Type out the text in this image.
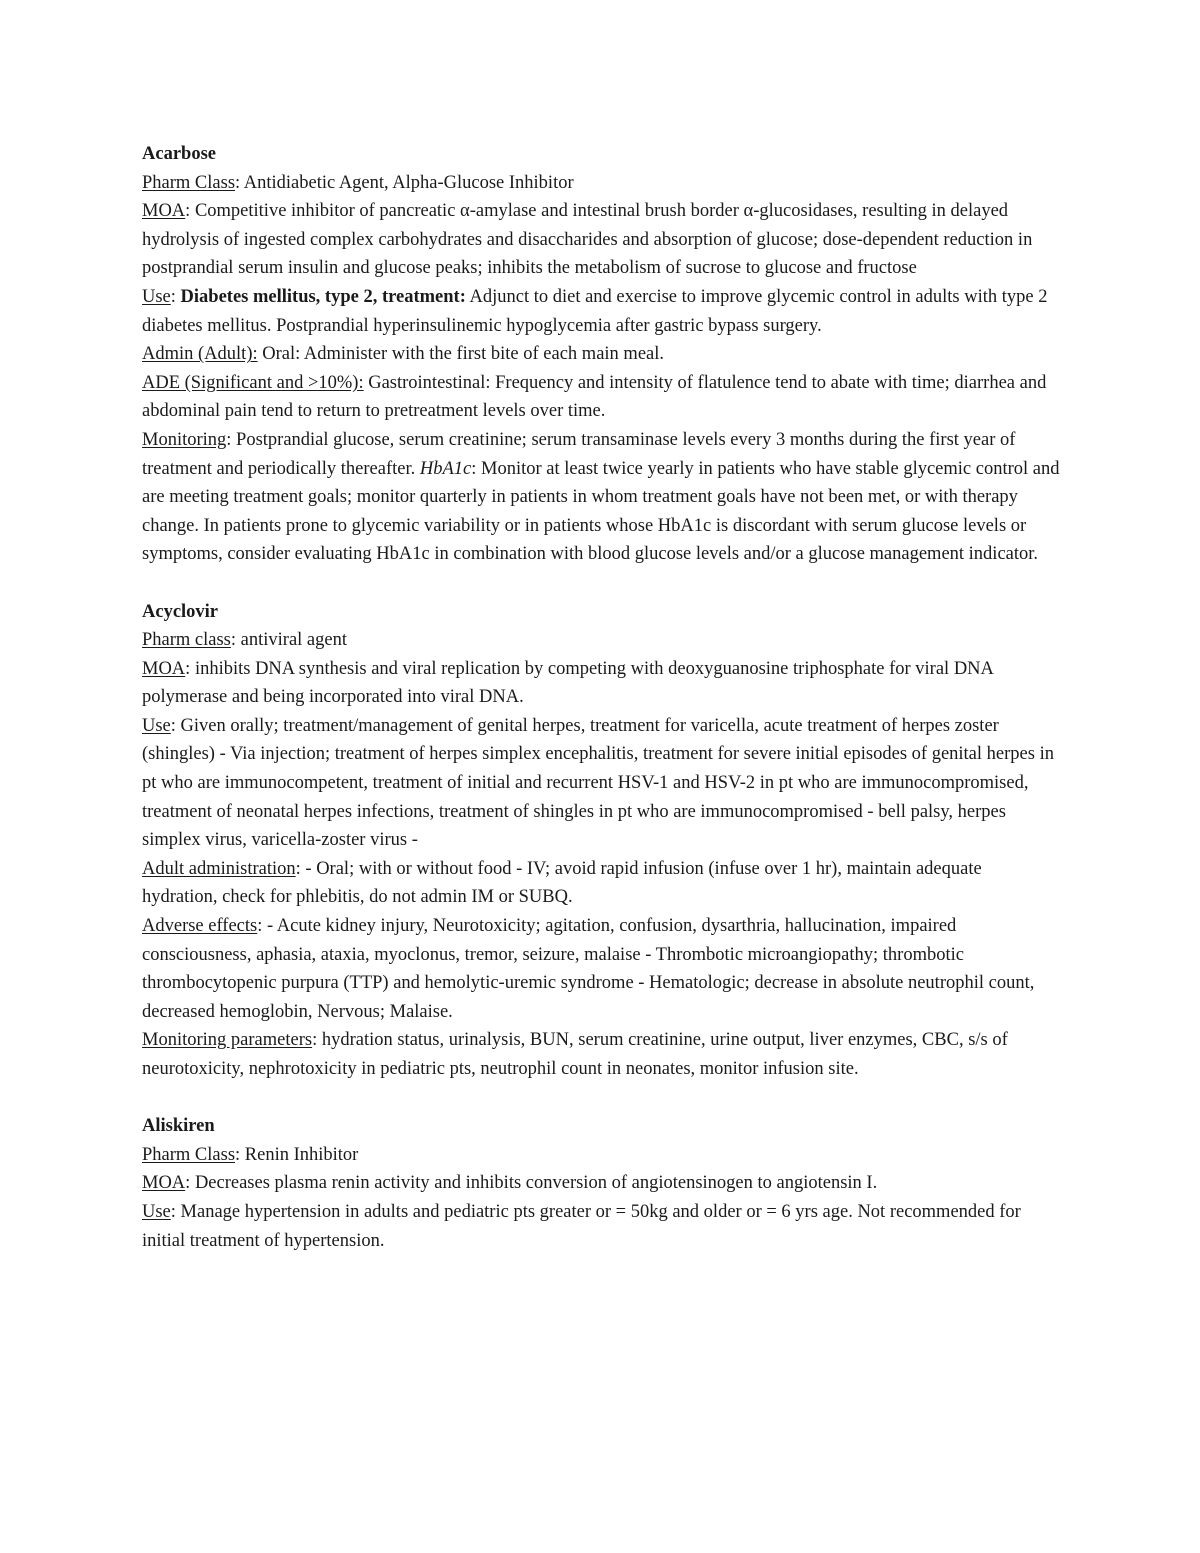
Acarbose

Pharm Class: Antidiabetic Agent, Alpha-Glucose Inhibitor

MOA: Competitive inhibitor of pancreatic α-amylase and intestinal brush border α-glucosidases, resulting in delayed hydrolysis of ingested complex carbohydrates and disaccharides and absorption of glucose; dose-dependent reduction in postprandial serum insulin and glucose peaks; inhibits the metabolism of sucrose to glucose and fructose

Use: Diabetes mellitus, type 2, treatment: Adjunct to diet and exercise to improve glycemic control in adults with type 2 diabetes mellitus. Postprandial hyperinsulinemic hypoglycemia after gastric bypass surgery.

Admin (Adult): Oral: Administer with the first bite of each main meal.

ADE (Significant and >10%): Gastrointestinal: Frequency and intensity of flatulence tend to abate with time; diarrhea and abdominal pain tend to return to pretreatment levels over time.

Monitoring: Postprandial glucose, serum creatinine; serum transaminase levels every 3 months during the first year of treatment and periodically thereafter. HbA1c: Monitor at least twice yearly in patients who have stable glycemic control and are meeting treatment goals; monitor quarterly in patients in whom treatment goals have not been met, or with therapy change. In patients prone to glycemic variability or in patients whose HbA1c is discordant with serum glucose levels or symptoms, consider evaluating HbA1c in combination with blood glucose levels and/or a glucose management indicator.

Acyclovir

Pharm class: antiviral agent

MOA: inhibits DNA synthesis and viral replication by competing with deoxyguanosine triphosphate for viral DNA polymerase and being incorporated into viral DNA.

Use: Given orally; treatment/management of genital herpes, treatment for varicella, acute treatment of herpes zoster (shingles) - Via injection; treatment of herpes simplex encephalitis, treatment for severe initial episodes of genital herpes in pt who are immunocompetent, treatment of initial and recurrent HSV-1 and HSV-2 in pt who are immunocompromised, treatment of neonatal herpes infections, treatment of shingles in pt who are immunocompromised - bell palsy, herpes simplex virus, varicella-zoster virus -

Adult administration: - Oral; with or without food - IV; avoid rapid infusion (infuse over 1 hr), maintain adequate hydration, check for phlebitis, do not admin IM or SUBQ.

Adverse effects: - Acute kidney injury, Neurotoxicity; agitation, confusion, dysarthria, hallucination, impaired consciousness, aphasia, ataxia, myoclonus, tremor, seizure, malaise - Thrombotic microangiopathy; thrombotic thrombocytopenic purpura (TTP) and hemolytic-uremic syndrome - Hematologic; decrease in absolute neutrophil count, decreased hemoglobin, Nervous; Malaise.

Monitoring parameters: hydration status, urinalysis, BUN, serum creatinine, urine output, liver enzymes, CBC, s/s of neurotoxicity, nephrotoxicity in pediatric pts, neutrophil count in neonates, monitor infusion site.

Aliskiren

Pharm Class: Renin Inhibitor

MOA: Decreases plasma renin activity and inhibits conversion of angiotensinogen to angiotensin I.

Use: Manage hypertension in adults and pediatric pts greater or = 50kg and older or = 6 yrs age. Not recommended for initial treatment of hypertension.
